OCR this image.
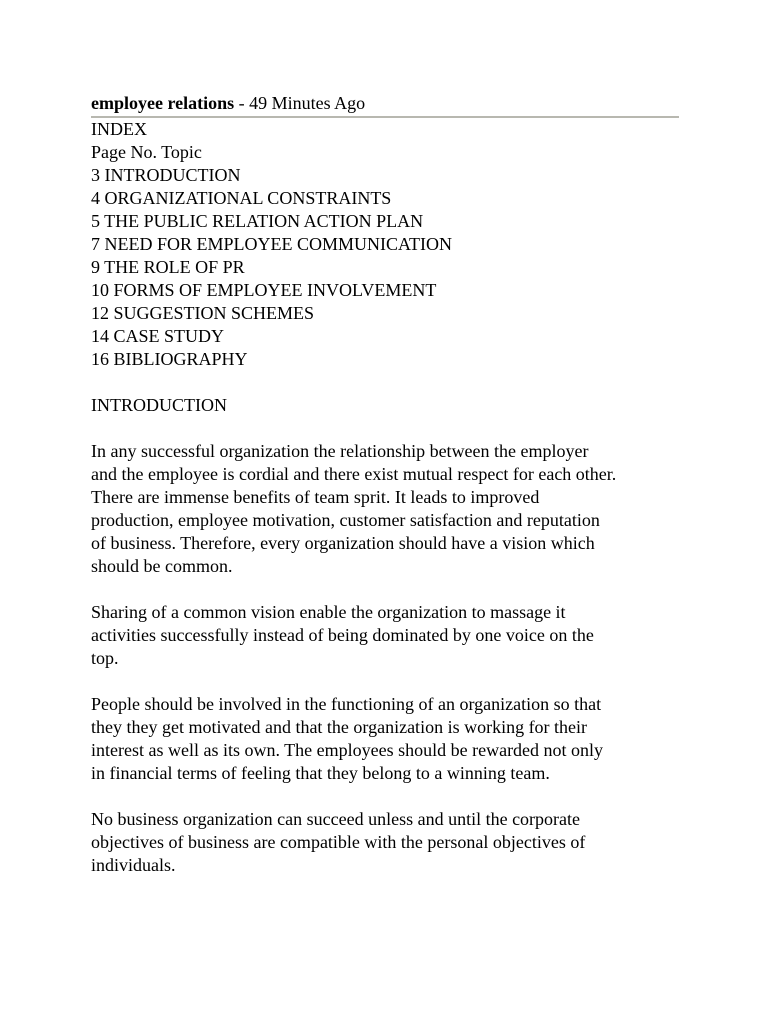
employee relations - 49 Minutes Ago
INDEX
Page No. Topic
3 INTRODUCTION
4 ORGANIZATIONAL CONSTRAINTS
5 THE PUBLIC RELATION ACTION PLAN
7 NEED FOR EMPLOYEE COMMUNICATION
9 THE ROLE OF PR
10 FORMS OF EMPLOYEE INVOLVEMENT
12 SUGGESTION SCHEMES
14 CASE STUDY
16 BIBLIOGRAPHY
INTRODUCTION
In any successful organization the relationship between the employer
and the employee is cordial and there exist mutual respect for each other.
There are immense benefits of team sprit. It leads to improved
production, employee motivation, customer satisfaction and reputation
of business. Therefore, every organization should have a vision which
should be common.
Sharing of a common vision enable the organization to massage it
activities successfully instead of being dominated by one voice on the
top.
People should be involved in the functioning of an organization so that
they they get motivated and that the organization is working for their
interest as well as its own. The employees should be rewarded not only
in financial terms of feeling that they belong to a winning team.
No business organization can succeed unless and until the corporate
objectives of business are compatible with the personal objectives of
individuals.
